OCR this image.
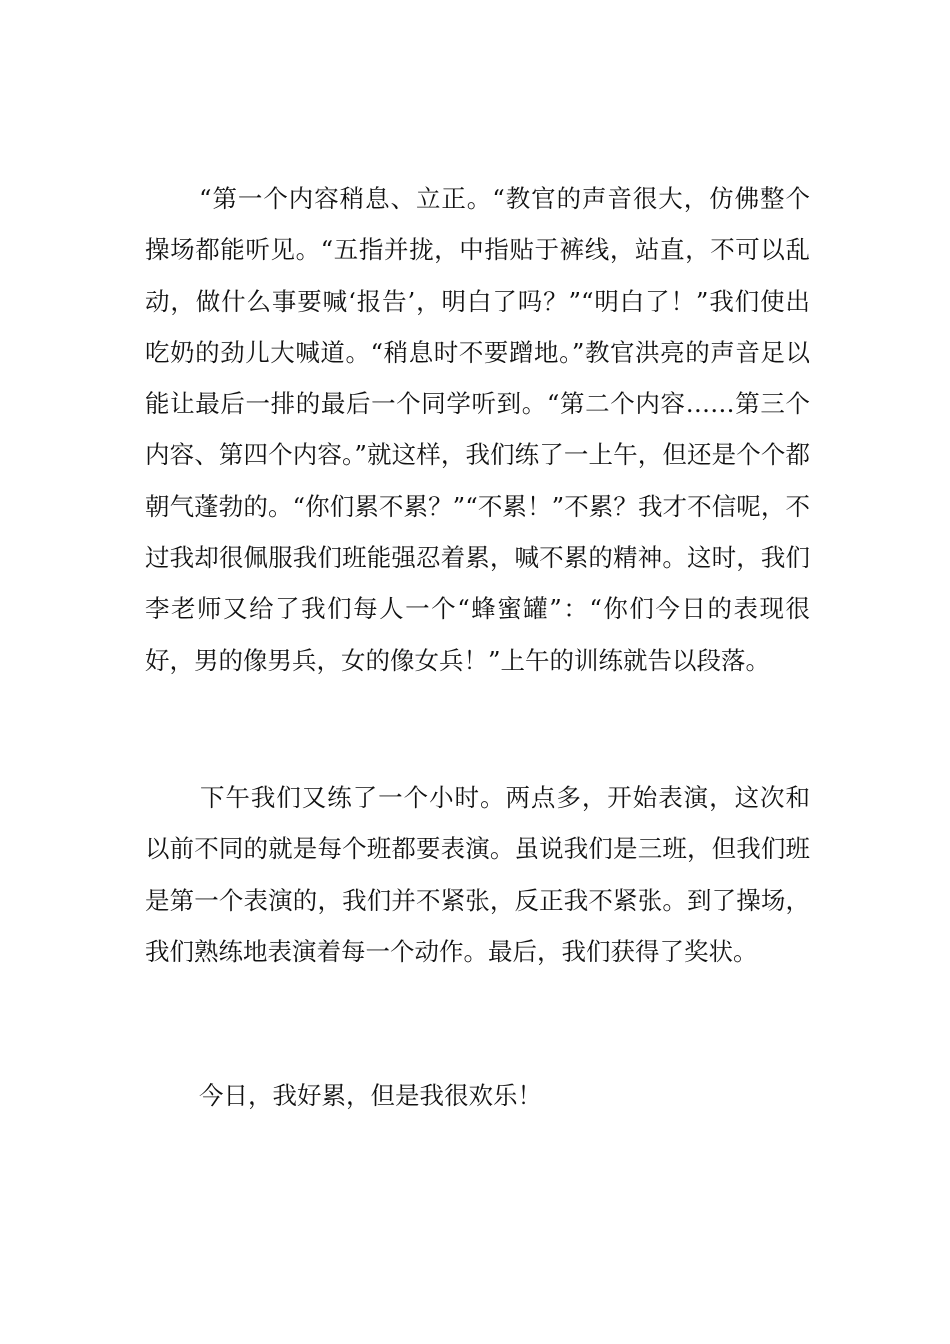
“第一个内容稍息、立正。“教官的声音很大，仿佛整个操场都能听见。“五指并拢，中指贴于裤线，站直，不可以乱动，做什么事要喊‘报告’，明白了吗？”“明白了！”我们使出吃奶的劲儿大喊道。“稍息时不要蹭地。”教官洪亮的声音足以能让最后一排的最后一个同学听到。“第二个内容……第三个内容、第四个内容。”就这样，我们练了一上午，但还是个个都朝气蓬勃的。“你们累不累？”“不累！”不累？我才不信呢，不过我却很佩服我们班能强忍着累，喊不累的精神。这时，我们李老师又给了我们每人一个“蜂蜜罐”：“你们今日的表现很好，男的像男兵，女的像女兵！”上午的训练就告以段落。

下午我们又练了一个小时。两点多，开始表演，这次和以前不同的就是每个班都要表演。虽说我们是三班，但我们班是第一个表演的，我们并不紧张，反正我不紧张。到了操场，我们熟练地表演着每一个动作。最后，我们获得了奖状。

今日，我好累，但是我很欢乐！
